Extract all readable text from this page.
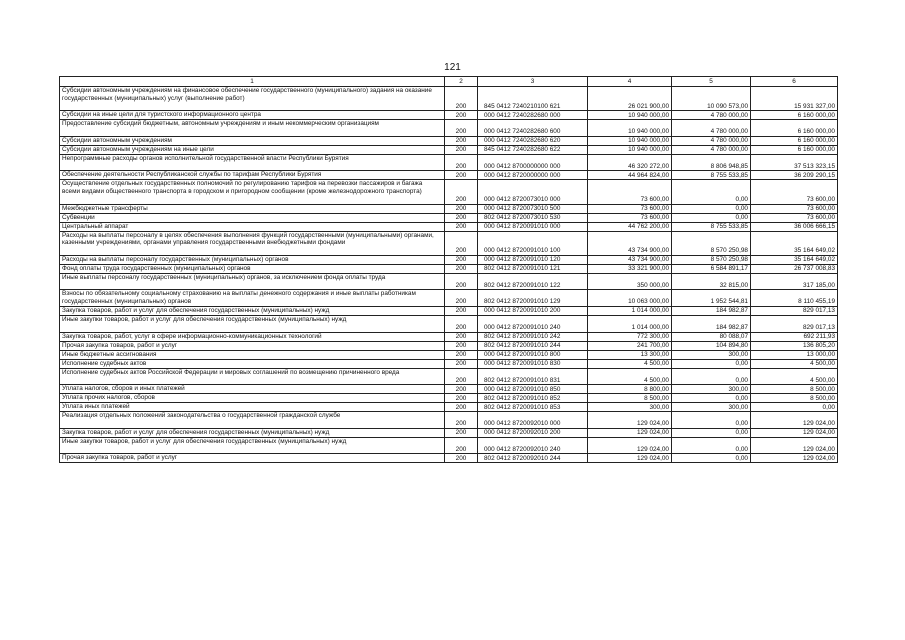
121
1	2	3	4	5	6
Субсидии автономным учреждениям на финансовое обеспечение государственного (муниципального) задания на оказание государственных (муниципальных) услуг (выполнение работ)	200	845 0412 7240210100 621	26 021 900,00	10 090 573,00	15 931 327,00
Субсидии на иные цели для туристского информационного центра	200	000 0412 7240282680 000	10 940 000,00	4 780 000,00	6 160 000,00
Предоставление субсидий бюджетным, автономным учреждениям и иным некоммерческим организациям	200	000 0412 7240282680 600	10 940 000,00	4 780 000,00	6 160 000,00
Субсидии автономным учреждениям	200	000 0412 7240282680 620	10 940 000,00	4 780 000,00	6 160 000,00
Субсидии автономным учреждениям на иные цели	200	845 0412 7240282680 622	10 940 000,00	4 780 000,00	6 160 000,00
Непрограммные расходы органов исполнительной государственной власти Республики Бурятия	200	000 0412 8700000000 000	46 320 272,00	8 806 948,85	37 513 323,15
Обеспечение деятельности Республиканской службы по тарифам Республики Бурятия	200	000 0412 8720000000 000	44 964 824,00	8 755 533,85	36 209 290,15
Осуществление отдельных государственных полномочий по регулированию тарифов на перевозки пассажиров и багажа всеми видами общественного транспорта в городском и пригородном сообщении (кроме железнодорожного транспорта)	200	000 0412 8720073010 000	73 600,00	0,00	73 600,00
Межбюджетные трансферты	200	000 0412 8720073010 500	73 600,00	0,00	73 600,00
Субвенции	200	802 0412 8720073010 530	73 600,00	0,00	73 600,00
Центральный аппарат	200	000 0412 8720091010 000	44 762 200,00	8 755 533,85	36 006 666,15
Расходы на выплаты персоналу в целях обеспечения выполнения функций государственными (муниципальными) органами, казенными учреждениями, органами управления государственными внебюджетными фондами	200	000 0412 8720091010 100	43 734 900,00	8 570 250,98	35 164 649,02
Расходы на выплаты персоналу государственных (муниципальных) органов	200	000 0412 8720091010 120	43 734 900,00	8 570 250,98	35 164 649,02
Фонд оплаты труда государственных (муниципальных) органов	200	802 0412 8720091010 121	33 321 900,00	6 584 891,17	26 737 008,83
Иные выплаты персоналу государственных (муниципальных) органов, за исключением фонда оплаты труда	200	802 0412 8720091010 122	350 000,00	32 815,00	317 185,00
Взносы по обязательному социальному страхованию на выплаты денежного содержания и иные выплаты работникам государственных (муниципальных) органов	200	802 0412 8720091010 129	10 063 000,00	1 952 544,81	8 110 455,19
Закупка товаров, работ и услуг для обеспечения государственных (муниципальных) нужд	200	000 0412 8720091010 200	1 014 000,00	184 982,87	829 017,13
Иные закупки товаров, работ и услуг для обеспечения государственных (муниципальных) нужд	200	000 0412 8720091010 240	1 014 000,00	184 982,87	829 017,13
Закупка товаров, работ, услуг в сфере информационно-коммуникационных технологий	200	802 0412 8720091010 242	772 300,00	80 088,07	692 211,93
Прочая закупка товаров, работ и услуг	200	802 0412 8720091010 244	241 700,00	104 894,80	136 805,20
Иные бюджетные ассигнования	200	000 0412 8720091010 800	13 300,00	300,00	13 000,00
Исполнение судебных актов	200	000 0412 8720091010 830	4 500,00	0,00	4 500,00
Исполнение судебных актов Российской Федерации и мировых соглашений по возмещению причиненного вреда	200	802 0412 8720091010 831	4 500,00	0,00	4 500,00
Уплата налогов, сборов и иных платежей	200	000 0412 8720091010 850	8 800,00	300,00	8 500,00
Уплата прочих налогов, сборов	200	802 0412 8720091010 852	8 500,00	0,00	8 500,00
Уплата иных платежей	200	802 0412 8720091010 853	300,00	300,00	0,00
Реализация отдельных положений законодательства о государственной гражданской службе	200	000 0412 8720092010 000	129 024,00	0,00	129 024,00
Закупка товаров, работ и услуг для обеспечения государственных (муниципальных) нужд	200	000 0412 8720092010 200	129 024,00	0,00	129 024,00
Иные закупки товаров, работ и услуг для обеспечения государственных (муниципальных) нужд	200	000 0412 8720092010 240	129 024,00	0,00	129 024,00
Прочая закупка товаров, работ и услуг	200	802 0412 8720092010 244	129 024,00	0,00	129 024,00
